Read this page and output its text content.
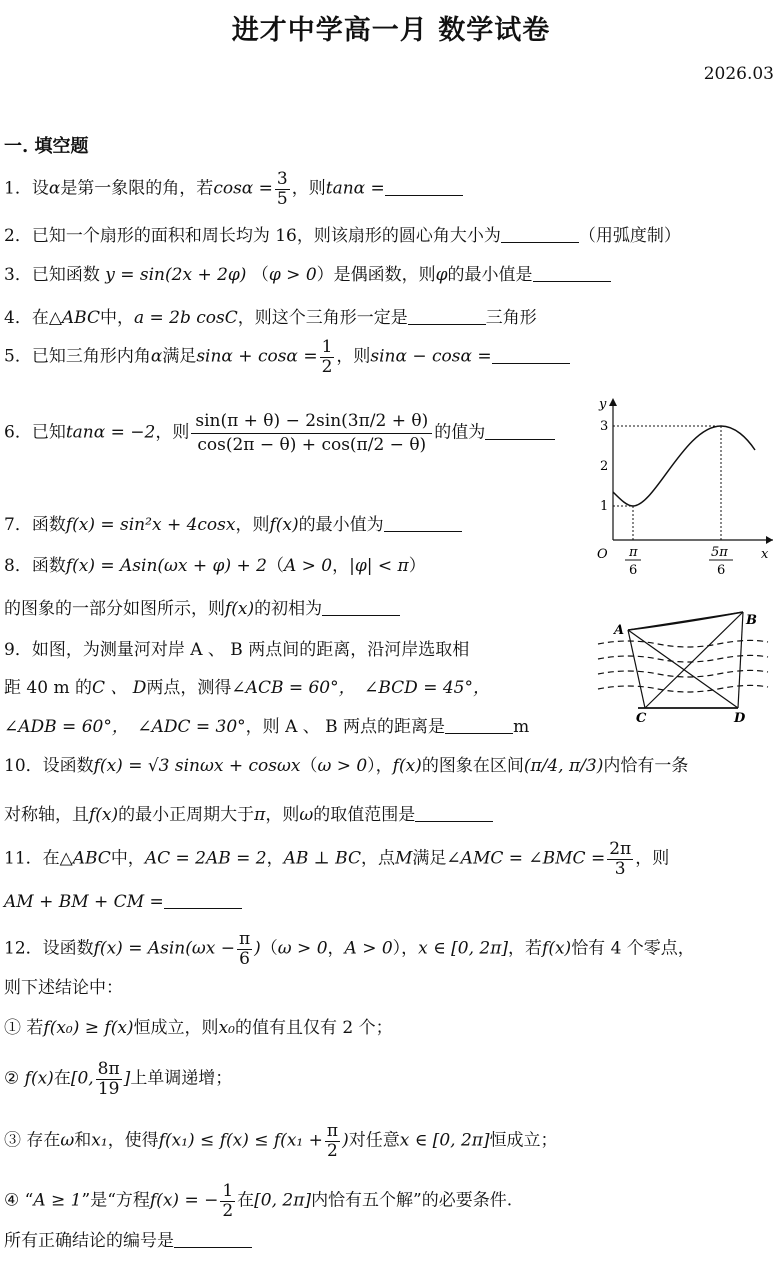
进才中学高一月 数学试卷
2026.03
一. 填空题
1．设α是第一象限的角，若$\cos\alpha = \frac{3}{5}$ ，则tanα =
2．已知一个扇形的面积和周长均为 16，则该扇形的圆心角大小为	（用弧度制）
3．已知函数 y = sin(2x + 2φ) （φ > 0）是偶函数，则φ的最小值是
4．在△ABC中，a = 2b cosC，则这个三角形一定是	三角形
5．已知三角形内角α满足$\sin\alpha + \cos\alpha = \frac{1}{2}$ ，则sinα − cosα =
6．已知tanα = −2，则 $\frac{\sin(\pi + \theta) - 2\sin(3\pi/2 + \theta)}{\cos(2\pi - \theta) + \cos(\pi/2 - \theta)}$ 的值为
7．函数f(x) = sin²x + 4cosx，则f(x)的最小值为
8．函数f(x) = Asin(ωx + φ) + 2（A > 0，|φ| < π）
的图象的一部分如图所示，则f(x)的初相为
9．如图，为测量河对岸 A 、 B 两点间的距离，沿河岸选取相
距 40 m 的C 、 D两点，测得∠ACB = 60°，　∠BCD = 45°，
∠ADB = 60°，　∠ADC = 30°，则 A 、 B 两点的距离是	m
10．设函数f(x) = √3 sinωx + cosωx（ω > 0），f(x)的图象在区间(π/4, π/3)内恰有一条
对称轴，且f(x)的最小正周期大于π，则ω的取值范围是
11．在△ABC中，AC = 2AB = 2，AB ⊥ BC，点M满足∠AMC = ∠BMC = $\frac{2\pi}{3}$ ，则
AM + BM + CM =
12．设函数$f(x) = Asin(\omega x - \frac{\pi}{6} )(\omega > 0$，A > 0），x ∈ [0, 2π]，若f(x)恰有 4 个零点，
则下述结论中：
① 若f(x₀) ≥ f(x)恒成立，则x₀的值有且仅有 2 个；
② f(x)在[0, $\frac{8\pi}{19}$ ]上单调递增；
③ 存在ω和x₁，使得$f(x_1) \le f(x) \le f(x_1 + \frac{\pi}{2}$ )对任意x ∈ [0, 2π]恒成立；
④ “A ≥ 1”是“方程f(x) = − $\frac{1}{2}$ 在[0, 2π]内恰有五个解”的必要条件.
所有正确结论的编号是
y
x
O
1
2
3
π
6
5π
6
A
B
C	D
